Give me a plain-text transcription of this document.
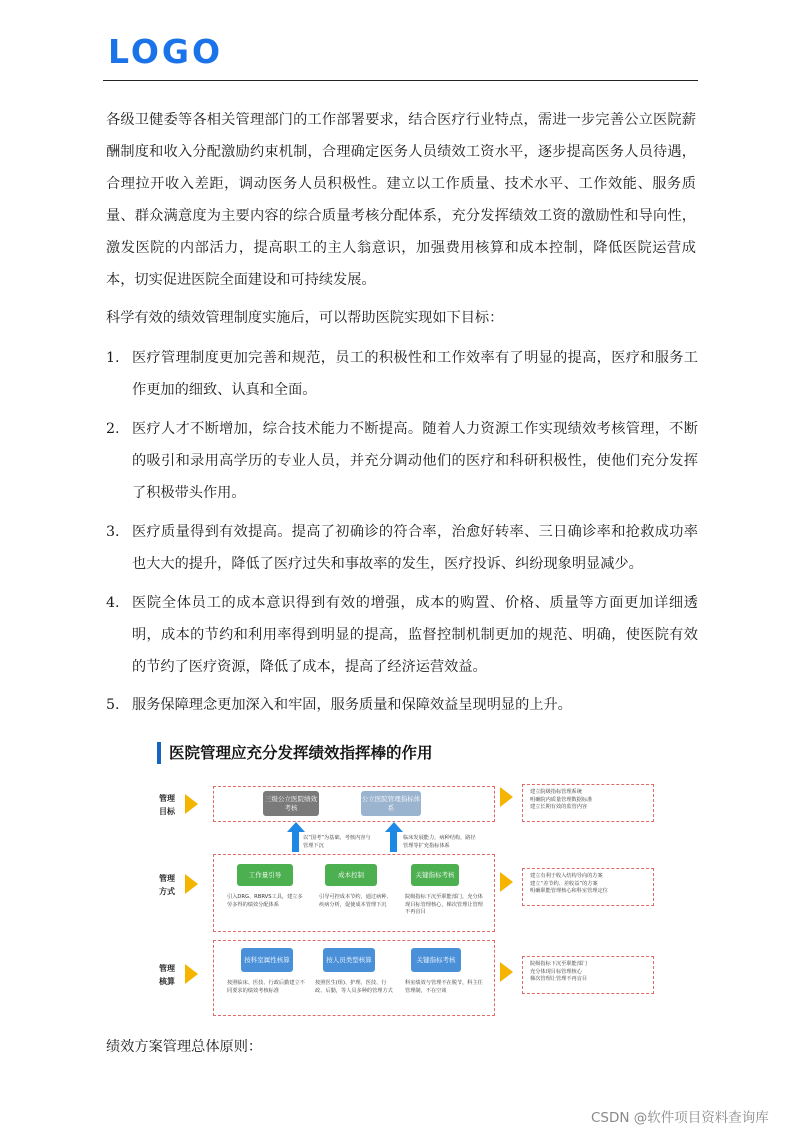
LOGO

各级卫健委等各相关管理部门的工作部署要求，结合医疗行业特点，需进一步完善公立医院薪酬制度和收入分配激励约束机制，合理确定医务人员绩效工资水平，逐步提高医务人员待遇，合理拉开收入差距，调动医务人员积极性。建立以工作质量、技术水平、工作效能、服务质量、群众满意度为主要内容的综合质量考核分配体系，充分发挥绩效工资的激励性和导向性，激发医院的内部活力，提高职工的主人翁意识，加强费用核算和成本控制，降低医院运营成本，切实促进医院全面建设和可持续发展。

科学有效的绩效管理制度实施后，可以帮助医院实现如下目标：

1. 医疗管理制度更加完善和规范，员工的积极性和工作效率有了明显的提高，医疗和服务工作更加的细致、认真和全面。
2. 医疗人才不断增加，综合技术能力不断提高。随着人力资源工作实现绩效考核管理，不断的吸引和录用高学历的专业人员，并充分调动他们的医疗和科研积极性，使他们充分发挥了积极带头作用。
3. 医疗质量得到有效提高。提高了初确诊的符合率，治愈好转率、三日确诊率和抢救成功率也大大的提升，降低了医疗过失和事故率的发生，医疗投诉、纠纷现象明显减少。
4. 医院全体员工的成本意识得到有效的增强，成本的购置、价格、质量等方面更加详细透明，成本的节约和利用率得到明显的提高，监督控制机制更加的规范、明确，使医院有效的节约了医疗资源，降低了成本，提高了经济运营效益。
5. 服务保障理念更加深入和牢固，服务质量和保障效益呈现明显的上升。
医院管理应充分发挥绩效指挥棒的作用
管理
目标
三级公立医院绩效考核
公立医院管理指标体系
以“国考”为基础，考核内容与管理下沉
临床发展能力，病种结构，路径管理等扩充指标体系
管理
方式
工作量引导	成本控制	关键指标考核
引入DRG、RBRVS工具，建立多劳多得的绩效分配体系
引导可控成本节约，通过病种、疾病分析，促使成本管理下沉
院级指标下沉至职能部门，充分体现目标管理核心，梯次管理让管理不再盲目
管理
核算
按科室属性核算	按人员类型核算	关键指标考核
按照临床、医技、行政后勤建立不同要求的绩效考核标准
按照医生(组)、护理、医技、行政、后勤，等人员多种的管理方式
科室绩效与管理不在脱节，科主任管理制，不在空谈
建立院级指标管理系统
明确院内质量管理数据标准
建立长期有效的监管内容
建立有利于收入结构导向的方案
建立“差节约、差收益”的方案
明确职能管理核心和科室管理定位
院级指标下沉至职能部门
充分体现目标管理核心
梯次管理让管理不再盲目

绩效方案管理总体原则：

CSDN @软件项目资料查询库
